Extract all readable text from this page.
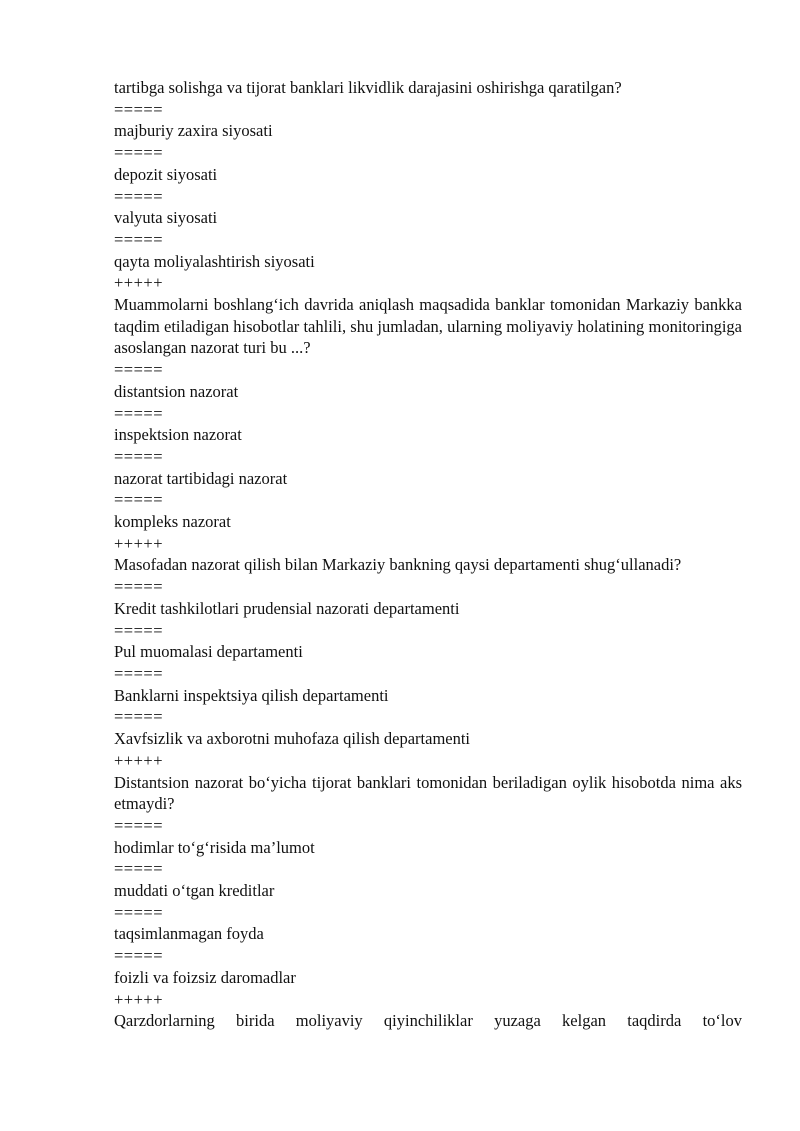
tartibga solishga va tijorat banklari likvidlik darajasini oshirishga qaratilgan?
=====
majburiy zaxira siyosati
=====
depozit siyosati
=====
valyuta siyosati
=====
qayta moliyalashtirish siyosati
+++++
Muammolarni boshlang‘ich davrida aniqlash maqsadida banklar tomonidan Markaziy bankka taqdim etiladigan hisobotlar tahlili, shu jumladan, ularning moliyaviy holatining monitoringiga asoslangan nazorat turi bu ...?
=====
distantsion nazorat
=====
inspektsion nazorat
=====
nazorat tartibidagi nazorat
=====
kompleks nazorat
+++++
Masofadan nazorat qilish bilan Markaziy bankning qaysi departamenti shug‘ullanadi?
=====
Kredit tashkilotlari prudensial nazorati departamenti
=====
Pul muomalasi departamenti
=====
Banklarni inspektsiya qilish departamenti
=====
Xavfsizlik va axborotni muhofaza qilish departamenti
+++++
Distantsion nazorat bo‘yicha tijorat banklari tomonidan beriladigan oylik hisobotda nima aks etmaydi?
=====
hodimlar to‘g‘risida ma’lumot
=====
muddati o‘tgan kreditlar
=====
taqsimlanmagan foyda
=====
foizli va foizsiz daromadlar
+++++
Qarzdorlarning birida moliyaviy qiyinchiliklar yuzaga kelgan taqdirda to‘lov
